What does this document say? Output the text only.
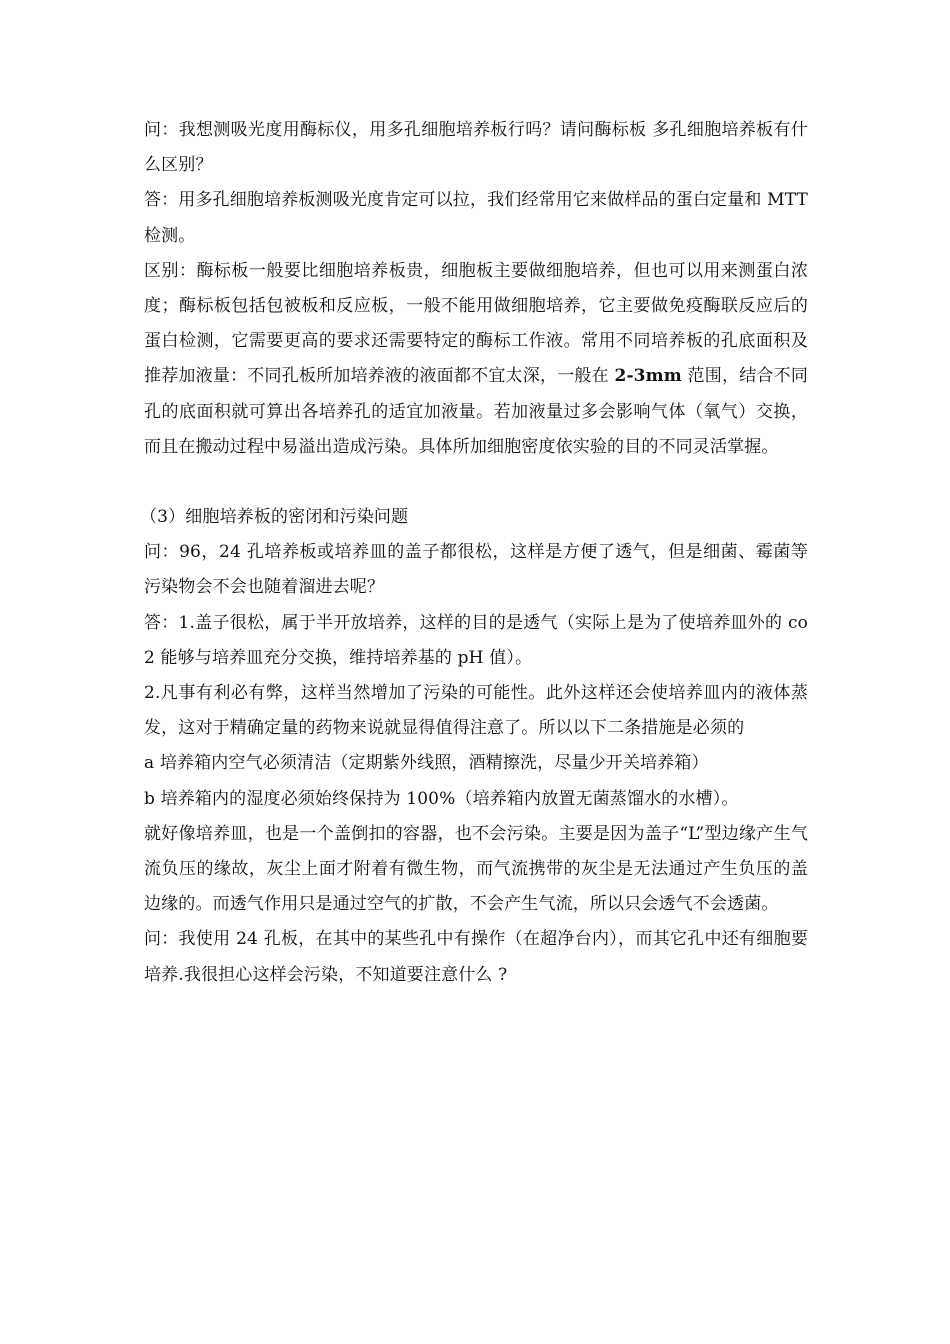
问：我想测吸光度用酶标仪，用多孔细胞培养板行吗？请问酶标板 多孔细胞培养板有什么区别？

答：用多孔细胞培养板测吸光度肯定可以拉，我们经常用它来做样品的蛋白定量和 MTT 检测。

区别：酶标板一般要比细胞培养板贵，细胞板主要做细胞培养，但也可以用来测蛋白浓度；酶标板包括包被板和反应板，一般不能用做细胞培养，它主要做免疫酶联反应后的蛋白检测，它需要更高的要求还需要特定的酶标工作液。常用不同培养板的孔底面积及推荐加液量：不同孔板所加培养液的液面都不宜太深，一般在 2-3mm 范围，结合不同孔的底面积就可算出各培养孔的适宜加液量。若加液量过多会影响气体（氧气）交换，而且在搬动过程中易溢出造成污染。具体所加细胞密度依实验的目的不同灵活掌握。

（3）细胞培养板的密闭和污染问题

问：96，24 孔培养板或培养皿的盖子都很松，这样是方便了透气，但是细菌、霉菌等污染物会不会也随着溜进去呢？

答：1.盖子很松，属于半开放培养，这样的目的是透气（实际上是为了使培养皿外的 co2 能够与培养皿充分交换，维持培养基的 pH 值）。

2.凡事有利必有弊，这样当然增加了污染的可能性。此外这样还会使培养皿内的液体蒸发，这对于精确定量的药物来说就显得值得注意了。所以以下二条措施是必须的

a 培养箱内空气必须清洁（定期紫外线照，酒精擦洗，尽量少开关培养箱）

b 培养箱内的湿度必须始终保持为 100%（培养箱内放置无菌蒸馏水的水槽）。

就好像培养皿，也是一个盖倒扣的容器，也不会污染。主要是因为盖子“L”型边缘产生气流负压的缘故，灰尘上面才附着有微生物，而气流携带的灰尘是无法通过产生负压的盖边缘的。而透气作用只是通过空气的扩散，不会产生气流，所以只会透气不会透菌。

问：我使用 24 孔板，在其中的某些孔中有操作（在超净台内），而其它孔中还有细胞要培养.我很担心这样会污染，不知道要注意什么 ?
